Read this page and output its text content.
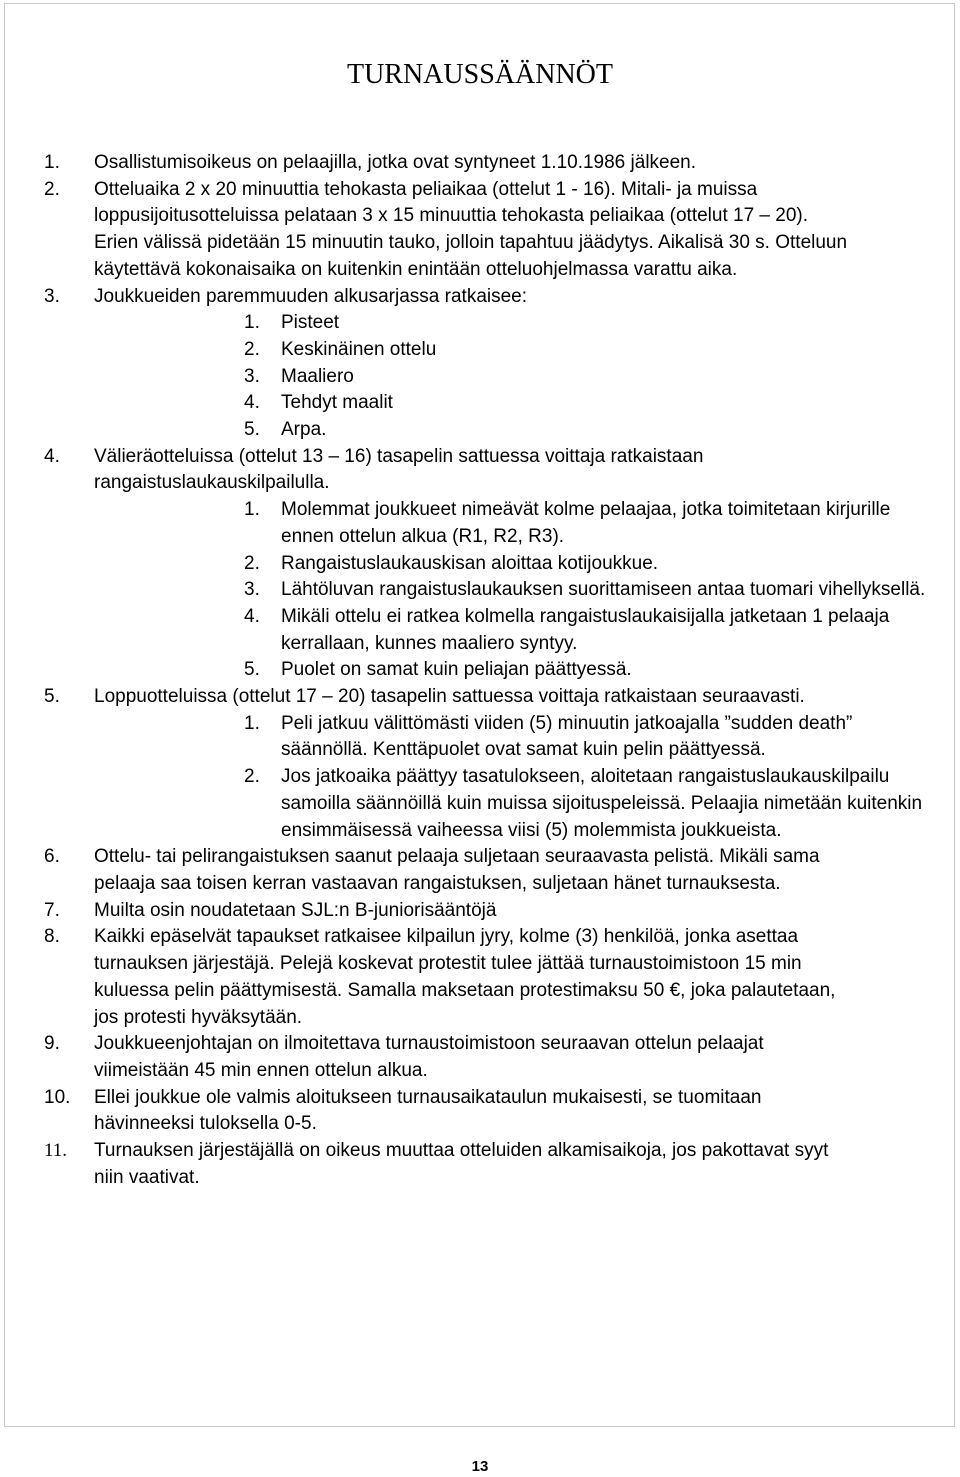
TURNAUSSÄÄNNÖT
1. Osallistumisoikeus on pelaajilla, jotka ovat syntyneet 1.10.1986 jälkeen.
2. Otteluaika 2 x 20 minuuttia tehokasta peliaikaa (ottelut 1 - 16). Mitali- ja muissa loppusijoitusotteluissa pelataan 3 x 15 minuuttia tehokasta peliaikaa (ottelut 17 – 20). Erien välissä pidetään 15 minuutin tauko, jolloin tapahtuu jäädytys. Aikalisä 30 s. Otteluun käytettävä kokonaisaika on kuitenkin enintään otteluohjelmassa varattu aika.
3. Joukkueiden paremmuuden alkusarjassa ratkaisee:
1. Pisteet
2. Keskinäinen ottelu
3. Maaliero
4. Tehdyt maalit
5. Arpa.
4. Välieräotteluissa (ottelut 13 – 16) tasapelin sattuessa voittaja ratkaistaan rangaistuslaukauskilpailulla.
1. Molemmat joukkueet nimeävät kolme pelaajaa, jotka toimitetaan kirjurille ennen ottelun alkua (R1, R2, R3).
2. Rangaistuslaukauskisan aloittaa kotijoukkue.
3. Lähtöluvan rangaistuslaukauksen suorittamiseen antaa tuomari vihellyksellä.
4. Mikäli ottelu ei ratkea kolmella rangaistuslaukaisijalla jatketaan 1 pelaaja kerrallaan, kunnes maaliero syntyy.
5. Puolet on samat kuin peliajan päättyessä.
5. Loppuotteluissa (ottelut 17 – 20) tasapelin sattuessa voittaja ratkaistaan seuraavasti.
1. Peli jatkuu välittömästi viiden (5) minuutin jatkoajalla ”sudden death” säännöllä. Kenttäpuolet ovat samat kuin pelin päättyessä.
2. Jos jatkoaika päättyy tasatulokseen, aloitetaan rangaistuslaukauskilpailu samoilla säännöillä kuin muissa sijoituspeleissä. Pelaajia nimetään kuitenkin ensimmäisessä vaiheessa viisi (5) molemmista joukkueista.
6. Ottelu- tai pelirangaistuksen saanut pelaaja suljetaan seuraavasta pelistä. Mikäli sama pelaaja saa toisen kerran vastaavan rangaistuksen, suljetaan hänet turnauksesta.
7. Muilta osin noudatetaan SJL:n B-juniorisääntöjä
8. Kaikki epäselvät tapaukset ratkaisee kilpailun jyry, kolme (3) henkilöä, jonka asettaa turnauksen järjestäjä. Pelejä koskevat protestit tulee jättää turnaustoimistoon 15 min kuluessa pelin päättymisestä. Samalla maksetaan protestimaksu 50 €, joka palautetaan, jos protesti hyväksytään.
9. Joukkueenjohtajan on ilmoitettava turnaustoimistoon seuraavan ottelun pelaajat viimeistään 45 min ennen ottelun alkua.
10. Ellei joukkue ole valmis aloitukseen turnausaikataulun mukaisesti, se tuomitaan hävinneeksi tuloksella 0-5.
11. Turnauksen järjestäjällä on oikeus muuttaa otteluiden alkamisaikoja, jos pakottavat syyt niin vaativat.
13
